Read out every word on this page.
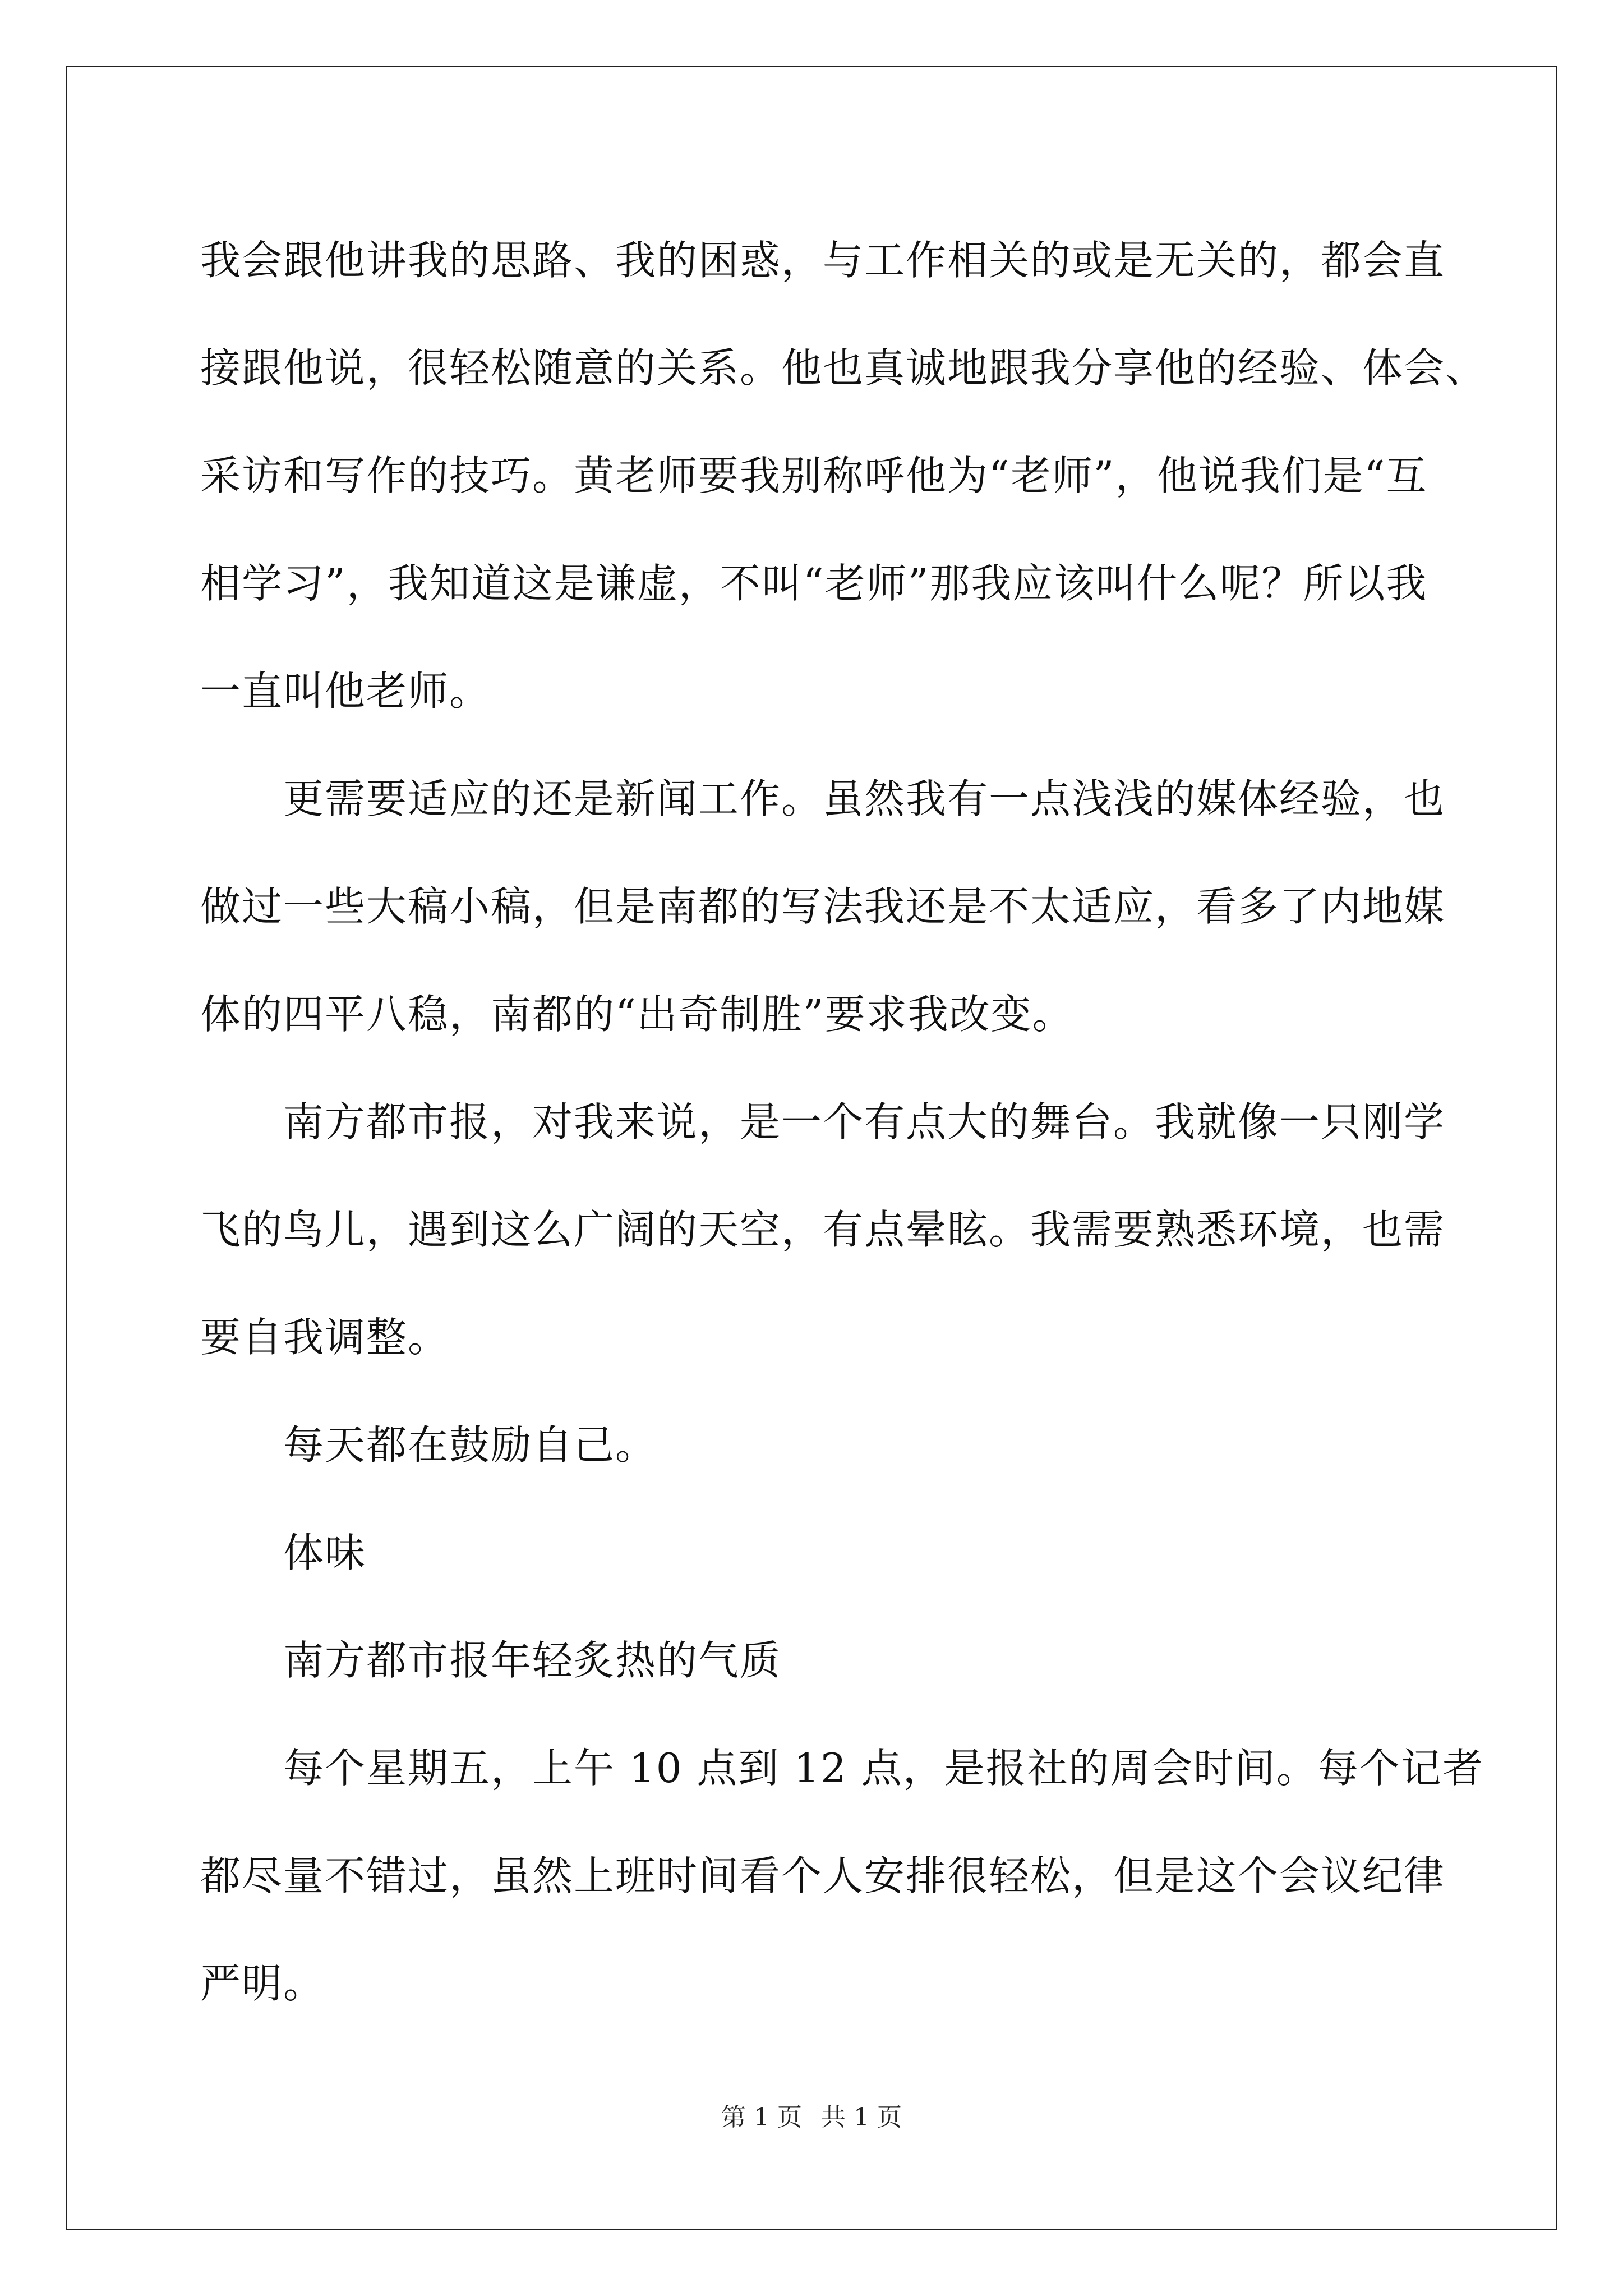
我会跟他讲我的思路、我的困惑，与工作相关的或是无关的，都会直
接跟他说，很轻松随意的关系。他也真诚地跟我分享他的经验、体会、
采访和写作的技巧。黄老师要我别称呼他为“老师”，他说我们是“互
相学习”，我知道这是谦虚，不叫“老师”那我应该叫什么呢？所以我
一直叫他老师。

更需要适应的还是新闻工作。虽然我有一点浅浅的媒体经验，也
做过一些大稿小稿，但是南都的写法我还是不太适应，看多了内地媒
体的四平八稳，南都的“出奇制胜”要求我改变。

南方都市报，对我来说，是一个有点大的舞台。我就像一只刚学
飞的鸟儿，遇到这么广阔的天空，有点晕眩。我需要熟悉环境，也需
要自我调整。

每天都在鼓励自己。

体味

南方都市报年轻炙热的气质

每个星期五，上午 10 点到 12 点，是报社的周会时间。每个记者
都尽量不错过，虽然上班时间看个人安排很轻松，但是这个会议纪律
严明。

第 1 页 共 1 页
